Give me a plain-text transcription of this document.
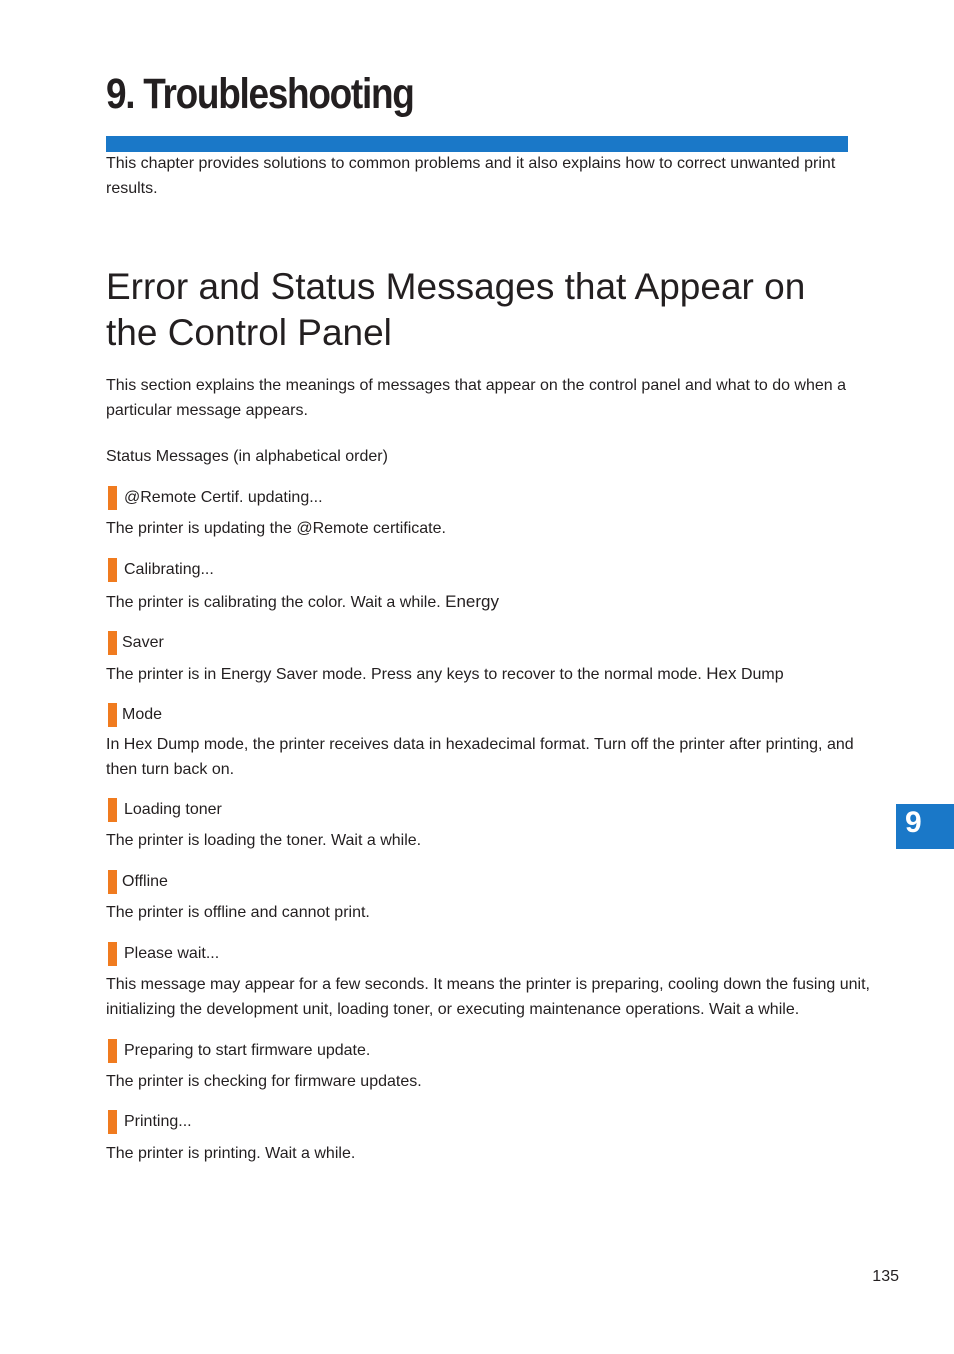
9. Troubleshooting

This chapter provides solutions to common problems and it also explains how to correct unwanted print results.

Error and Status Messages that Appear on the Control Panel

This section explains the meanings of messages that appear on the control panel and what to do when a particular message appears.

Status Messages (in alphabetical order)

@Remote Certif. updating...

The printer is updating the @Remote certificate.

Calibrating...

The printer is calibrating the color. Wait a while. Energy

Saver

The printer is in Energy Saver mode. Press any keys to recover to the normal mode. Hex Dump

Mode

In Hex Dump mode, the printer receives data in hexadecimal format. Turn off the printer after printing, and then turn back on.

Loading toner

The printer is loading the toner. Wait a while.

Offline

The printer is offline and cannot print.

Please wait...

This message may appear for a few seconds. It means the printer is preparing, cooling down the fusing unit, initializing the development unit, loading toner, or executing maintenance operations. Wait a while.

Preparing to start firmware update.

The printer is checking for firmware updates.

Printing...

The printer is printing. Wait a while.

9
135
